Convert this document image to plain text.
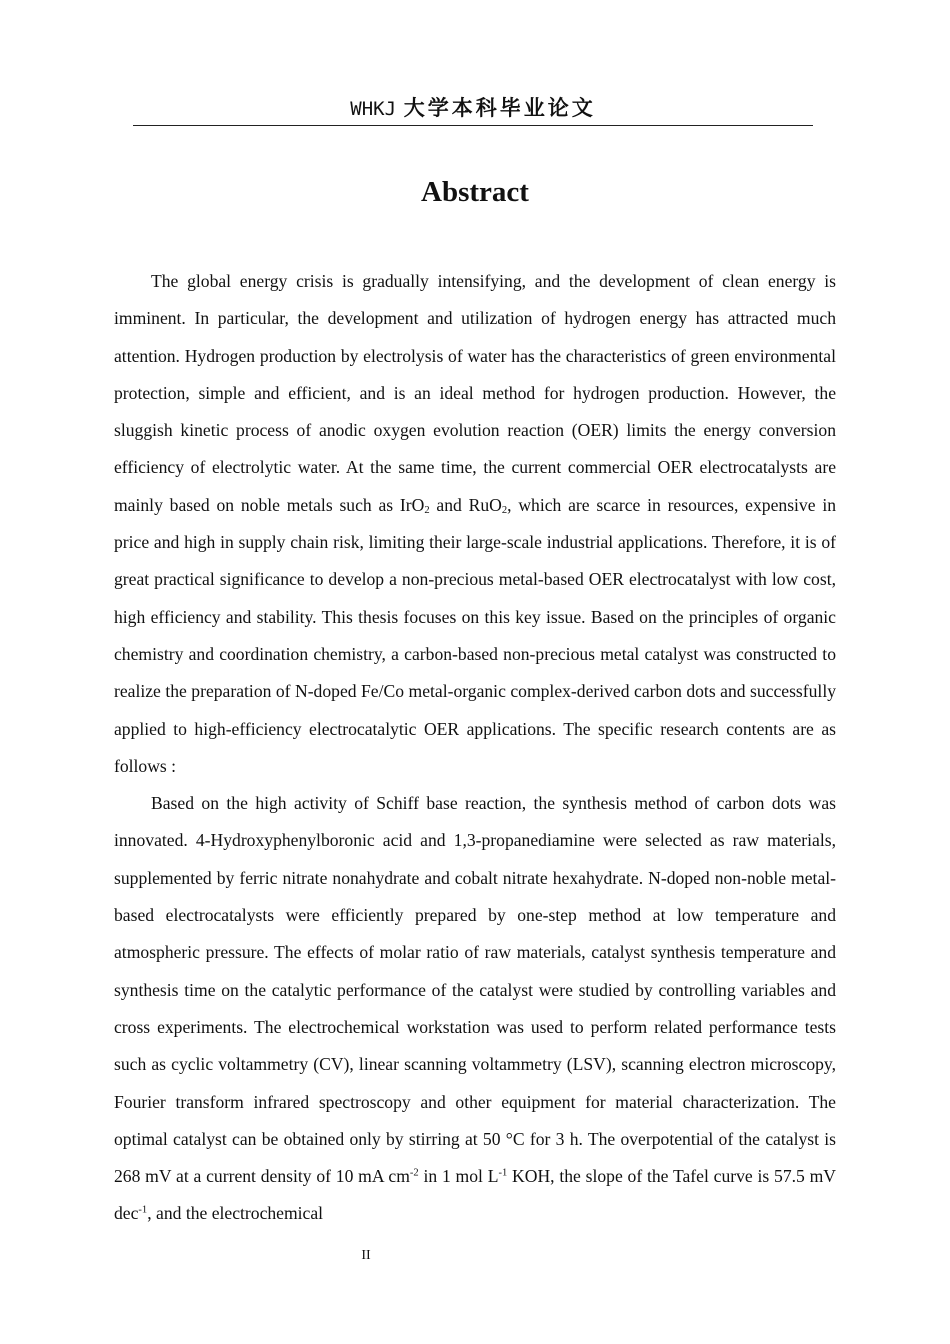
WHKJ 大学本科毕业论文
Abstract

The global energy crisis is gradually intensifying, and the development of clean energy is imminent. In particular, the development and utilization of hydrogen energy has attracted much attention. Hydrogen production by electrolysis of water has the characteristics of green environmental protection, simple and efficient, and is an ideal method for hydrogen production. However, the sluggish kinetic process of anodic oxygen evolution reaction (OER) limits the energy conversion efficiency of electrolytic water. At the same time, the current commercial OER electrocatalysts are mainly based on noble metals such as IrO$_2$ and RuO$_2$, which are scarce in resources, expensive in price and high in supply chain risk, limiting their large-scale industrial applications. Therefore, it is of great practical significance to develop a non-precious metal-based OER electrocatalyst with low cost, high efficiency and stability. This thesis focuses on this key issue. Based on the principles of organic chemistry and coordination chemistry, a carbon-based non-precious metal catalyst was constructed to realize the preparation of N-doped Fe/Co metal-organic complex-derived carbon dots and successfully applied to high-efficiency electrocatalytic OER applications. The specific research contents are as follows :

Based on the high activity of Schiff base reaction, the synthesis method of carbon dots was innovated. 4-Hydroxyphenylboronic acid and 1,3-propanediamine were selected as raw materials, supplemented by ferric nitrate nonahydrate and cobalt nitrate hexahydrate. N-doped non-noble metal-based electrocatalysts were efficiently prepared by one-step method at low temperature and atmospheric pressure. The effects of molar ratio of raw materials, catalyst synthesis temperature and synthesis time on the catalytic performance of the catalyst were studied by controlling variables and cross experiments. The electrochemical workstation was used to perform related performance tests such as cyclic voltammetry (CV), linear scanning voltammetry (LSV), scanning electron microscopy, Fourier transform infrared spectroscopy and other equipment for material characterization. The optimal catalyst can be obtained only by stirring at 50 °C for 3 h. The overpotential of the catalyst is 268 mV at a current density of 10 mA $cm^{-2}$ in 1 mol $L^{-1}$ KOH, the slope of the Tafel curve is 57.5 mV dec$^{-1}$, and the electrochemical

II
